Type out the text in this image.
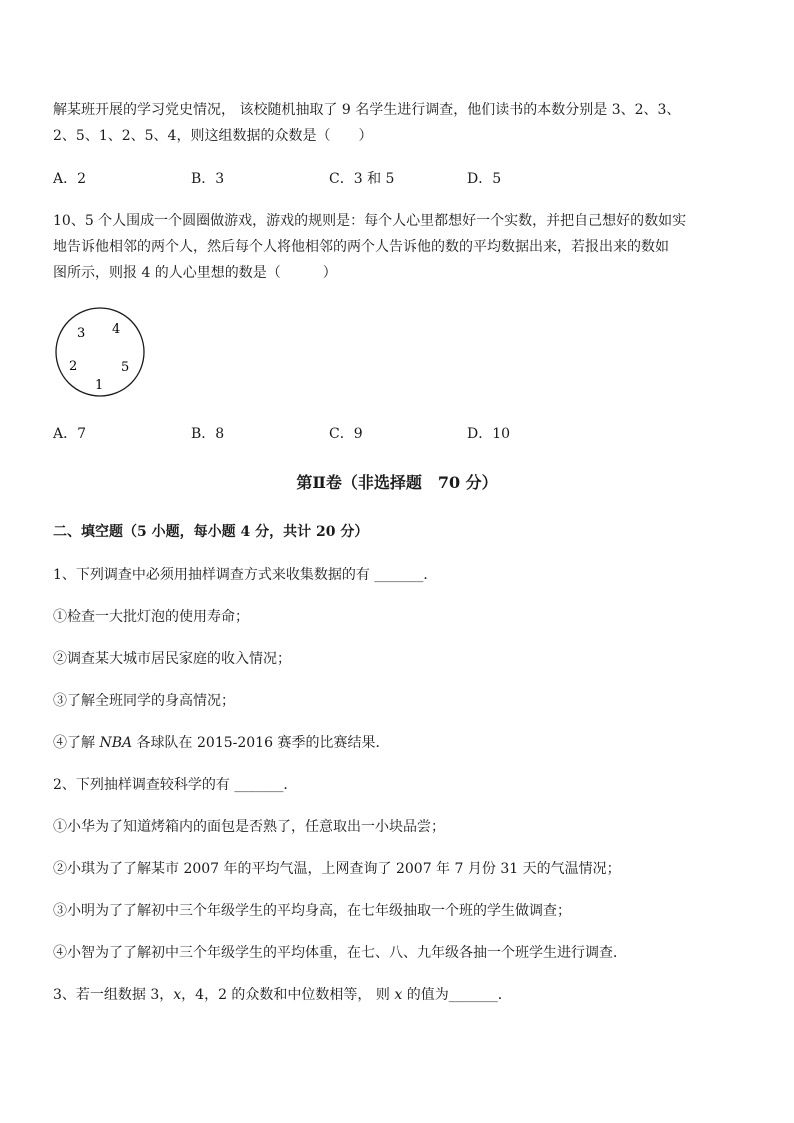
解某班开展的学习党史情况， 该校随机抽取了 9 名学生进行调查，他们读书的本数分别是 3、2、3、
2、5、1、2、5、4，则这组数据的众数是（　　）
A．2	B．3	C．3 和 5	D．5
10、5 个人围成一个圆圈做游戏，游戏的规则是：每个人心里都想好一个实数，并把自己想好的数如实
地告诉他相邻的两个人，然后每个人将他相邻的两个人告诉他的数的平均数据出来，若报出来的数如
图所示，则报 4 的人心里想的数是（　　　）
3 4
2	5
1
A．7	B．8	C．9	D．10
第Ⅱ卷（非选择题　70 分）
二、填空题（5 小题，每小题 4 分，共计 20 分）
1、下列调查中必须用抽样调查方式来收集数据的有 _______．
①检查一大批灯泡的使用寿命；
②调查某大城市居民家庭的收入情况；
③了解全班同学的身高情况；
④了解 NBA 各球队在 2015-2016 赛季的比赛结果．
2、下列抽样调查较科学的有 _______．
①小华为了知道烤箱内的面包是否熟了，任意取出一小块品尝；
②小琪为了了解某市 2007 年的平均气温，上网查询了 2007 年 7 月份 31 天的气温情况；
③小明为了了解初中三个年级学生的平均身高，在七年级抽取一个班的学生做调查；
④小智为了了解初中三个年级学生的平均体重，在七、八、九年级各抽一个班学生进行调查．
3、若一组数据 3，x，4，2 的众数和中位数相等， 则 x 的值为_______．
